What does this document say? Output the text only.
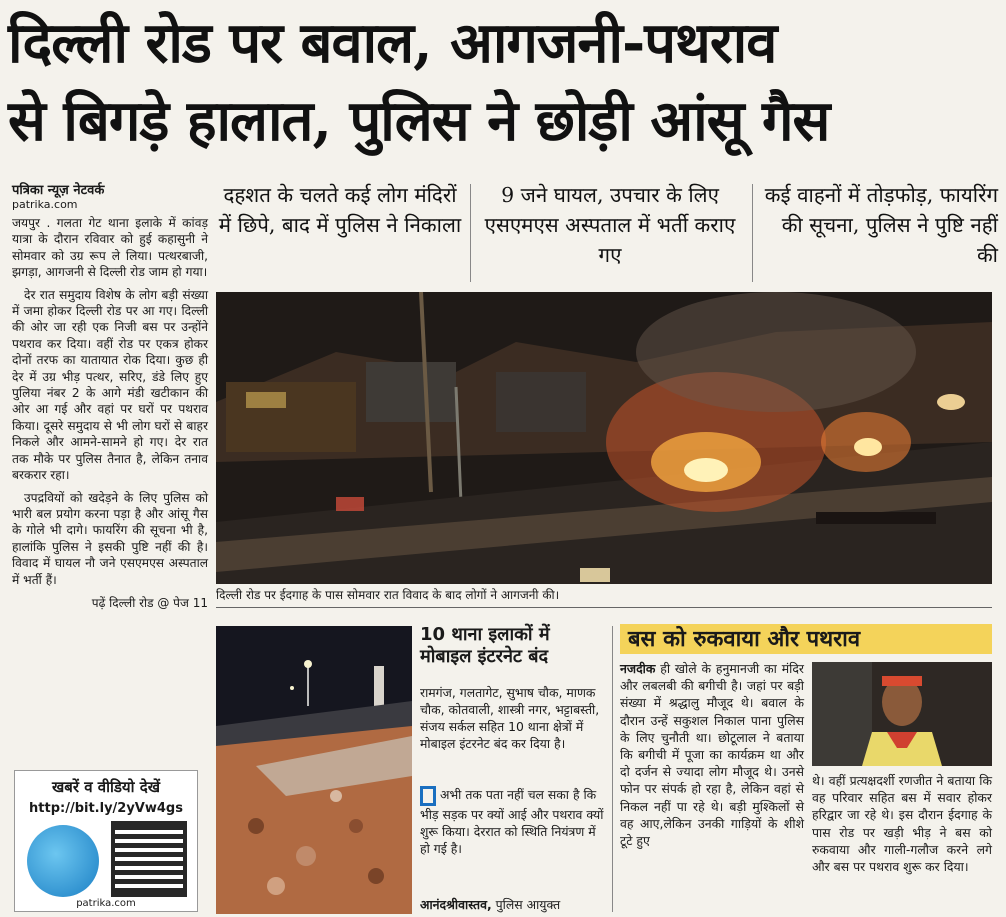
दिल्ली रोड पर बवाल, आगजनी-पथराव
से बिगड़े हालात, पुलिस ने छोड़ी आंसू गैस
पत्रिका न्यूज़ नेटवर्क
patrika.com

जयपुर . गलता गेट थाना इलाके में कांवड़ यात्रा के दौरान रविवार को हुई कहासुनी ने सोमवार को उग्र रूप ले लिया। पत्थरबाजी, झगड़ा, आगजनी से दिल्ली रोड जाम हो गया।

देर रात समुदाय विशेष के लोग बड़ी संख्या में जमा होकर दिल्ली रोड पर आ गए। दिल्ली की ओर जा रही एक निजी बस पर उन्होंने पथराव कर दिया। वहीं रोड पर एकत्र होकर दोनों तरफ का यातायात रोक दिया। कुछ ही देर में उग्र भीड़ पत्थर, सरिए, डंडे लिए हुए पुलिया नंबर 2 के आगे मंडी खटीकान की ओर आ गई और वहां पर घरों पर पथराव किया। दूसरे समुदाय से भी लोग घरों से बाहर निकले और आमने-सामने हो गए। देर रात तक मौके पर पुलिस तैनात है, लेकिन तनाव बरकरार रहा।

उपद्रवियों को खदेड़ने के लिए पुलिस को भारी बल प्रयोग करना पड़ा है और आंसू गैस के गोले भी दागे। फायरिंग की सूचना भी है, हालांकि पुलिस ने इसकी पुष्टि नहीं की है। विवाद में घायल नौ जने एसएमएस अस्पताल में भर्ती हैं।

पढ़ें दिल्ली रोड @ पेज 11
खबरें व वीडियो देखें
http://bit.ly/2yVw4gs
patrika.com
दहशत के चलते कई लोग मंदिरों में छिपे, बाद में पुलिस ने निकाला
9 जने घायल, उपचार के लिए एसएमएस अस्पताल में भर्ती कराए गए
कई वाहनों में तोड़फोड़, फायरिंग की सूचना, पुलिस ने पुष्टि नहीं की
दिल्ली रोड पर ईदगाह के पास सोमवार रात विवाद के बाद लोगों ने आगजनी की।
10 थाना इलाकों में मोबाइल इंटरनेट बंद
रामगंज, गलतागेट, सुभाष चौक, माणक चौक, कोतवाली, शास्त्री नगर, भट्टाबस्ती, संजय सर्कल सहित 10 थाना क्षेत्रों में मोबाइल इंटरनेट बंद कर दिया है।
अभी तक पता नहीं चल सका है कि भीड़ सड़क पर क्यों आई और पथराव क्यों शुरू किया। देररात को स्थिति नियंत्रण में हो गई है।
आनंदश्रीवास्तव, पुलिस आयुक्त
बस को रुकवाया और पथराव
नजदीक ही खोले के हनुमानजी का मंदिर और लबलबी की बगीची है। जहां पर बड़ी संख्या में श्रद्धालु मौजूद थे। बवाल के दौरान उन्हें सकुशल निकाल पाना पुलिस के लिए चुनौती था। छोटूलाल ने बताया कि बगीची में पूजा का कार्यक्रम था और दो दर्जन से ज्यादा लोग मौजूद थे। उनसे फोन पर संपर्क हो रहा है, लेकिन वहां से निकल नहीं पा रहे थे। बड़ी मुश्किलों से वह आए,लेकिन उनकी गाड़ियों के शीशे टूटे हुए
थे। वहीं प्रत्यक्षदर्शी रणजीत ने बताया कि वह परिवार सहित बस में सवार होकर हरिद्वार जा रहे थे। इस दौरान ईदगाह के पास रोड पर खड़ी भीड़ ने बस को रुकवाया और गाली-गलौज करने लगे और बस पर पथराव शुरू कर दिया।
